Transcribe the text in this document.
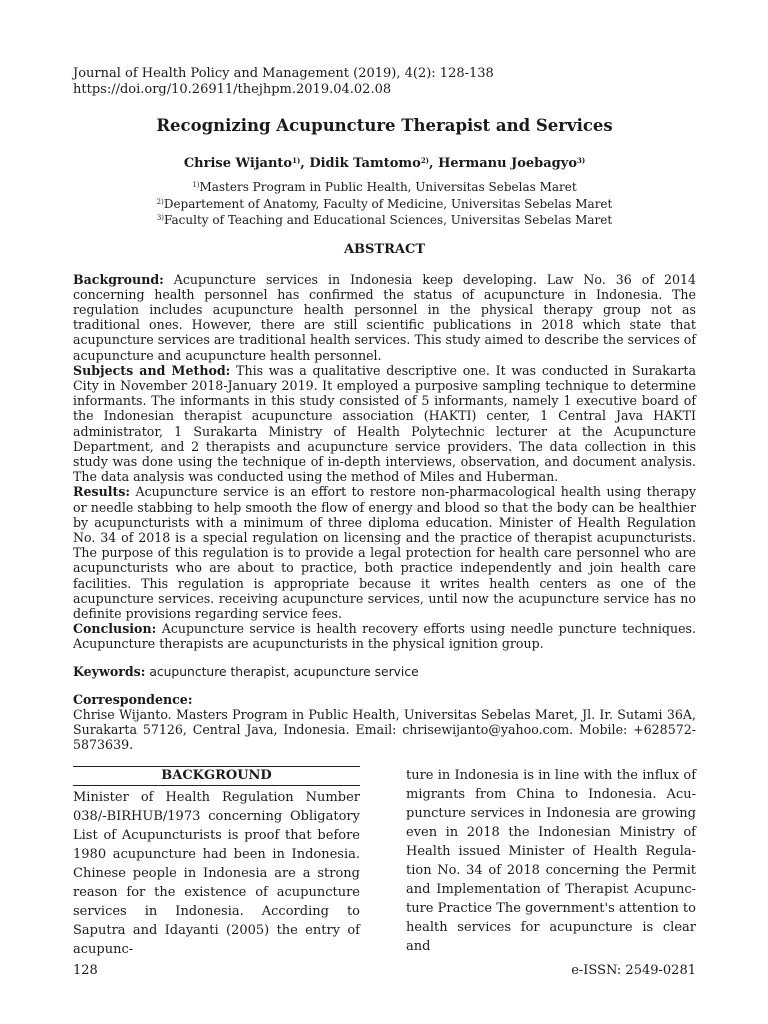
Journal of Health Policy and Management (2019), 4(2): 128-138
https://doi.org/10.26911/thejhpm.2019.04.02.08
Recognizing Acupuncture Therapist and Services
Chrise Wijanto$^{1)}$, Didik Tamtomo$^{2)}$, Hermanu Joebagyo$^{3)}$
$^{1)}$Masters Program in Public Health, Universitas Sebelas Maret
$^{2)}$Departement of Anatomy, Faculty of Medicine, Universitas Sebelas Maret
$^{3)}$Faculty of Teaching and Educational Sciences, Universitas Sebelas Maret
ABSTRACT

Background: Acupuncture services in Indonesia keep developing. Law No. 36 of 2014 concerning health personnel has confirmed the status of acupuncture in Indonesia. The regulation includes acupuncture health personnel in the physical therapy group not as traditional ones. However, there are still scientific publications in 2018 which state that acupuncture services are traditional health services. This study aimed to describe the services of acupuncture and acupuncture health personnel.

Subjects and Method: This was a qualitative descriptive one. It was conducted in Surakarta City in November 2018-January 2019. It employed a purposive sampling technique to determine informants. The informants in this study consisted of 5 informants, namely 1 executive board of the Indonesian therapist acupuncture association (HAKTI) center, 1 Central Java HAKTI administrator, 1 Surakarta Ministry of Health Polytechnic lecturer at the Acupuncture Department, and 2 therapists and acupuncture service providers. The data collection in this study was done using the technique of in-depth interviews, observation, and document analysis. The data analysis was conducted using the method of Miles and Huberman.

Results: Acupuncture service is an effort to restore non-pharmacological health using therapy or needle stabbing to help smooth the flow of energy and blood so that the body can be healthier by acupuncturists with a minimum of three diploma education. Minister of Health Regulation No. 34 of 2018 is a special regulation on licensing and the practice of therapist acupuncturists. The purpose of this regulation is to provide a legal protection for health care personnel who are acupuncturists who are about to practice, both practice independently and join health care facilities. This regulation is appropriate because it writes health centers as one of the acupuncture services. receiving acupuncture services, until now the acupuncture service has no definite provisions regarding service fees.

Conclusion: Acupuncture service is health recovery efforts using needle puncture techniques. Acupuncture therapists are acupuncturists in the physical ignition group.

Keywords: acupuncture therapist, acupuncture service
Correspondence:
Chrise Wijanto. Masters Program in Public Health, Universitas Sebelas Maret, Jl. Ir. Sutami 36A, Surakarta 57126, Central Java, Indonesia. Email: chrisewijanto@yahoo.com. Mobile: +628572-5873639.
BACKGROUND
Minister of Health Regulation Number 038/-BIRHUB/1973 concerning Obligatory List of Acupuncturists is proof that before 1980 acupuncture had been in Indonesia. Chinese people in Indonesia are a strong reason for the existence of acupuncture services in Indonesia. According to Saputra and Idayanti (2005) the entry of acupunc-
ture in Indonesia is in line with the influx of migrants from China to Indonesia. Acu-puncture services in Indonesia are growing even in 2018 the Indonesian Ministry of Health issued Minister of Health Regula-tion No. 34 of 2018 concerning the Permit and Implementation of Therapist Acupunc-ture Practice The government's attention to health services for acupuncture is clear and
128	e-ISSN: 2549-0281
